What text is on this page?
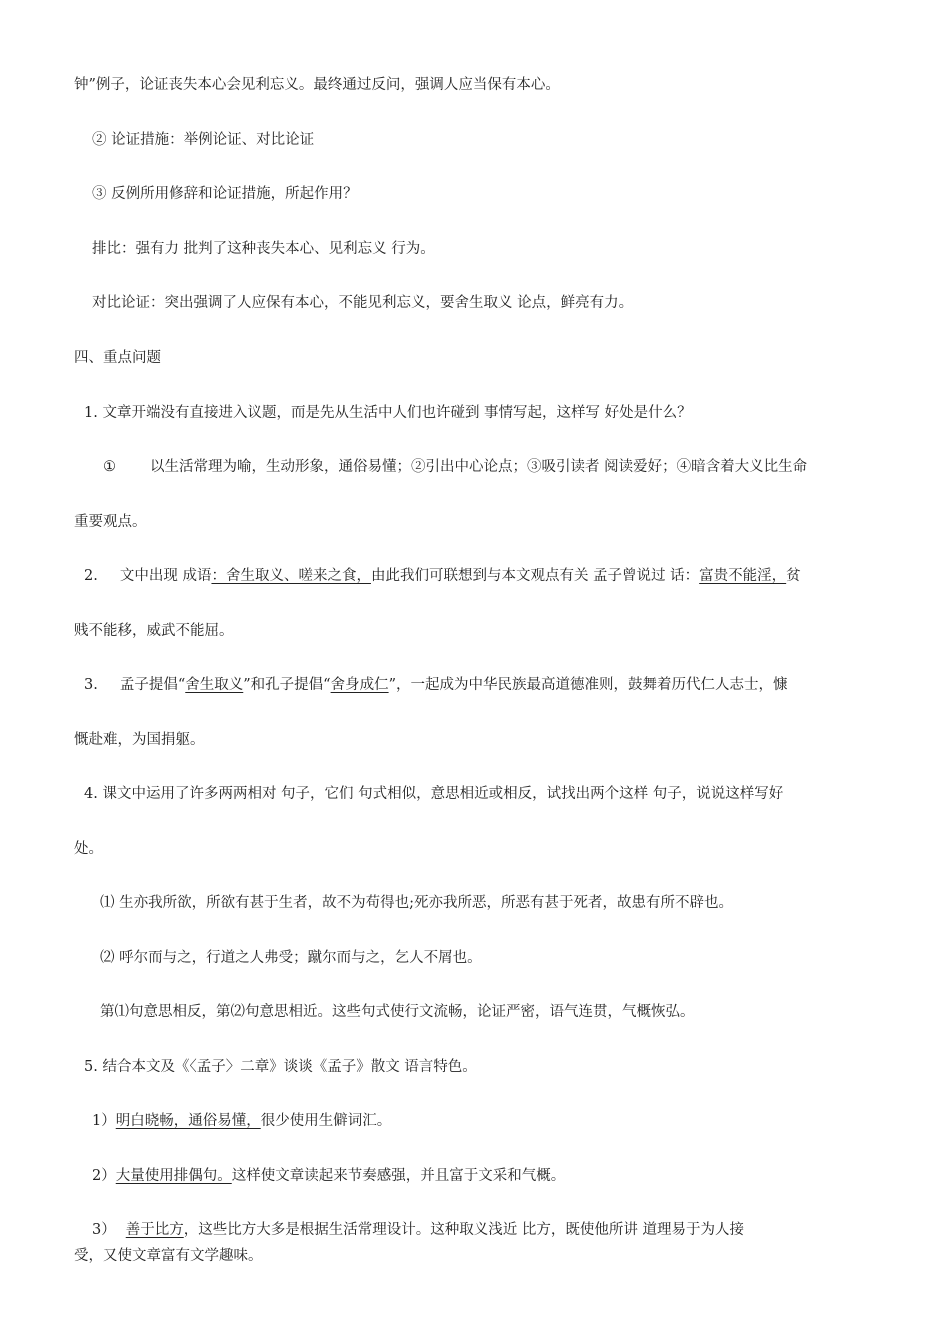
钟”例子，论证丧失本心会见利忘义。最终通过反问，强调人应当保有本心。
② 论证措施：举例论证、对比论证
③ 反例所用修辞和论证措施，所起作用？
排比：强有力 批判了这种丧失本心、见利忘义 行为。
对比论证：突出强调了人应保有本心，不能见利忘义，要舍生取义 论点，鲜亮有力。
四、重点问题
1. 文章开端没有直接进入议题，而是先从生活中人们也许碰到 事情写起，这样写 好处是什么？
① 以生活常理为喻，生动形象，通俗易懂；②引出中心论点；③吸引读者 阅读爱好；④暗含着大义比生命
重要观点。
2. 文中出现 成语：舍生取义、嗟来之食，由此我们可联想到与本文观点有关 孟子曾说过 话：富贵不能淫，贫
贱不能移，威武不能屈。
3. 孟子提倡“舍生取义”和孔子提倡“舍身成仁”，一起成为中华民族最高道德准则，鼓舞着历代仁人志士，慷
慨赴难，为国捐躯。
4. 课文中运用了许多两两相对 句子，它们 句式相似，意思相近或相反，试找出两个这样 句子，说说这样写好
处。
⑴ 生亦我所欲，所欲有甚于生者，故不为苟得也;死亦我所恶，所恶有甚于死者，故患有所不辟也。
⑵ 呼尔而与之，行道之人弗受；蹴尔而与之，乞人不屑也。
第⑴句意思相反，第⑵句意思相近。这些句式使行文流畅，论证严密，语气连贯，气概恢弘。
5. 结合本文及《〈孟子〉二章》谈谈《孟子》散文 语言特色。
1）明白晓畅，通俗易懂，很少使用生僻词汇。
2）大量使用排偶句。这样使文章读起来节奏感强，并且富于文采和气概。
3） 善于比方，这些比方大多是根据生活常理设计。这种取义浅近 比方，既使他所讲 道理易于为人接
受，又使文章富有文学趣味。
